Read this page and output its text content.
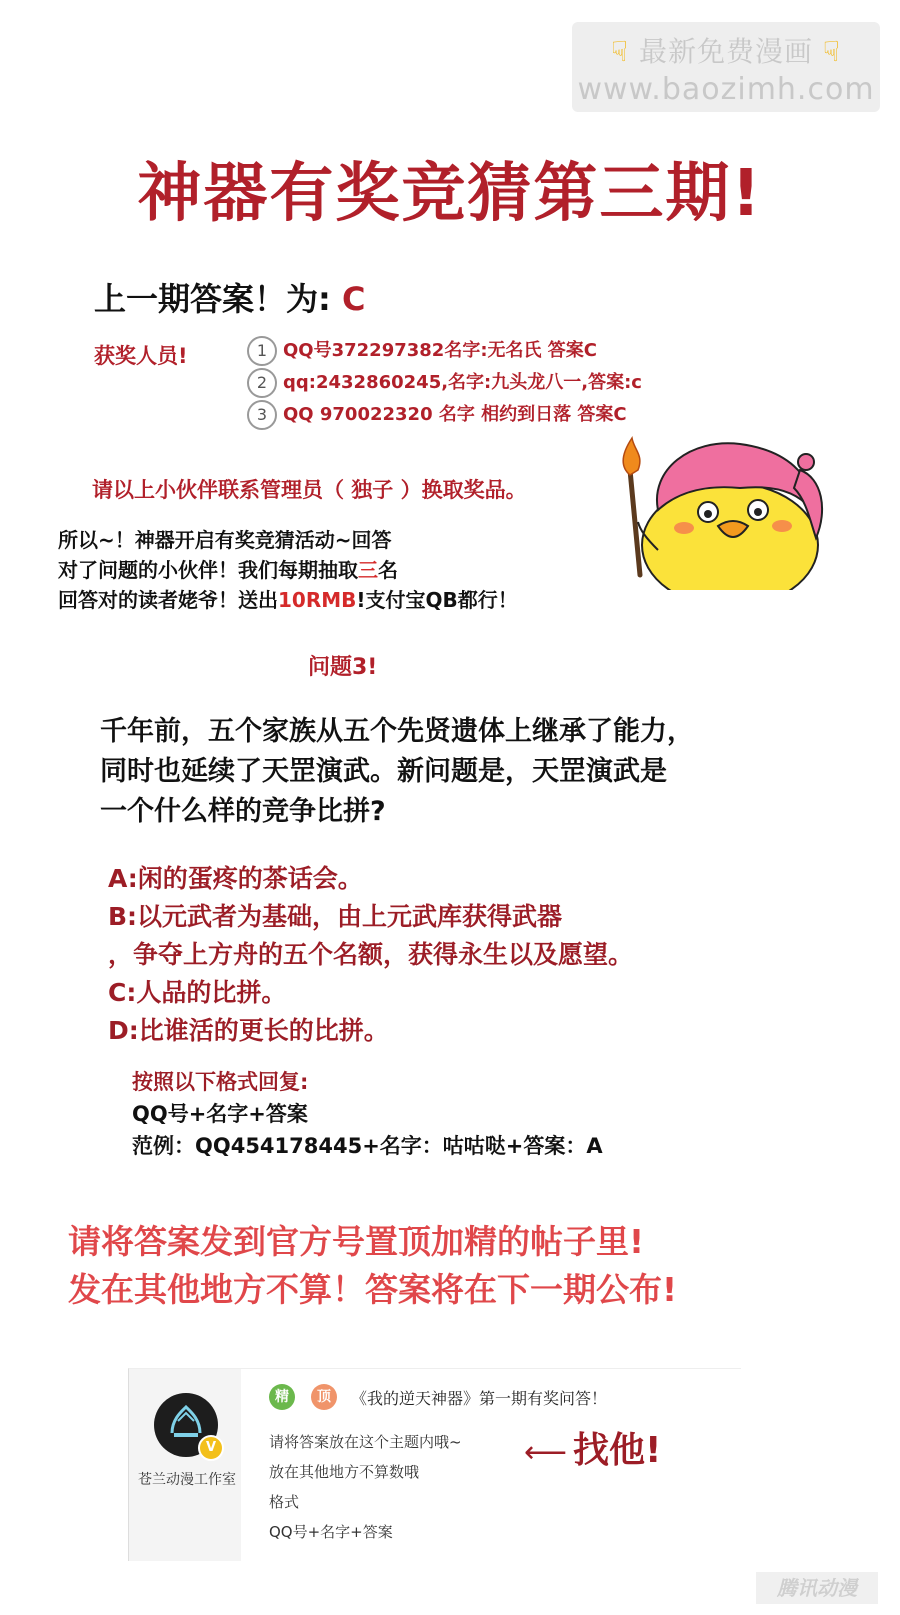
☟ 最新免费漫画 ☟
www.baozimh.com
神器有奖竞猜第三期!
上一期答案！为: C
获奖人员!	1 QQ号372297382名字:无名氏 答案C
2 qq:2432860245,名字:九头龙八一,答案:c
3 QQ 970022320 名字 相约到日落 答案C
请以上小伙伴联系管理员（ 独子 ）换取奖品。
所以~！神器开启有奖竞猜活动~回答
对了问题的小伙伴！我们每期抽取三名
回答对的读者姥爷！送出10RMB!支付宝QB都行！
问题3!
千年前，五个家族从五个先贤遗体上继承了能力，
同时也延续了天罡演武。新问题是，天罡演武是
一个什么样的竞争比拼?
A:闲的蛋疼的茶话会。
B:以元武者为基础，由上元武库获得武器
，争夺上方舟的五个名额，获得永生以及愿望。
C:人品的比拼。
D:比谁活的更长的比拼。
按照以下格式回复:
QQ号+名字+答案
范例：QQ454178445+名字：咕咕哒+答案：A
请将答案发到官方号置顶加精的帖子里!
发在其他地方不算！答案将在下一期公布!
V
苍兰动漫工作室
精	顶	《我的逆天神器》第一期有奖问答！
请将答案放在这个主题内哦~
放在其他地方不算数哦
格式
QQ号+名字+答案
⟵ 找他!
腾讯动漫
